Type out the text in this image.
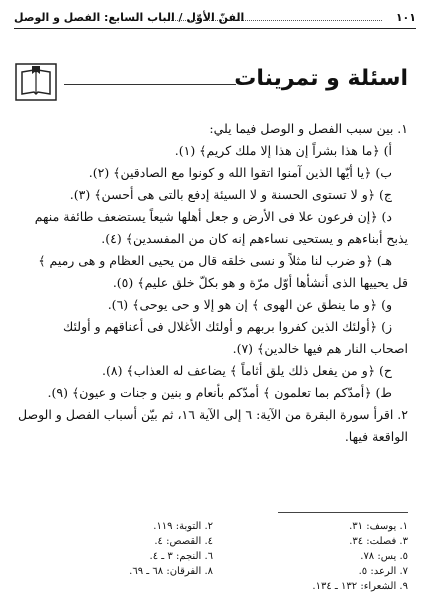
١٠١
الفنّ الأوّل / الباب السابع: الفصل و الوصل
اسئلة و تمرينات
١. بين سبب الفصل و الوصل فيما يلي:
أ) ﴿ما هذا بشراً إن هذا إلا ملك كريم﴾ (١).
ب) ﴿يا أيّها الذين آمنوا اتقوا الله و كونوا مع الصادقين﴾ (٢).
ج) ﴿و لا تستوى الحسنة و لا السيئة إدفع بالتى هى أحسن﴾ (٣).
د) ﴿إن فرعون علا فى الأرض و جعل أهلها شيعاً يستضعف طائفة منهم
يذبح أبناءهم و يستحيى نساءهم إنه كان من المفسدين﴾ (٤).
هـ) ﴿و ضرب لنا مثلاً و نسى خلقه قال من يحيى العظام و هى رميم ﴾
قل يحييها الذى أنشأها أوّل مرّة و هو بكلّ خلق عليم﴾ (٥).
و) ﴿و ما ينطق عن الهوى ﴾ إن هو إلا و حى يوحى﴾ (٦).
ز) ﴿أولئك الذين كفروا بربهم و أولئك الأغلال فى أعناقهم و أولئك
اصحاب النار هم فيها خالدين﴾ (٧).
ح) ﴿و من يفعل ذلك يلق أثاماً ﴾ يضاعف له العذاب﴾ (٨).
ط) ﴿أمدّكم بما تعلمون ﴾ أمدّكم بأنعام و بنين و جنات و عيون﴾ (٩).
٢. اقرأ سورة البقرة من الآية: ٦ إلى الآية ١٦، ثم بيّن أسباب الفصل و الوصل
الواقعة فيها.
١. يوسف: ٣١.
٢. التوبة: ١١٩.
٣. فصلت: ٣٤.
٤. القصص: ٤.
٥. يس: ٧٨.
٦. النجم: ٣ ـ ٤.
٧. الرعد: ٥.
٨. الفرقان: ٦٨ ـ ٦٩.
٩. الشعراء: ١٣٢ ـ ١٣٤.
